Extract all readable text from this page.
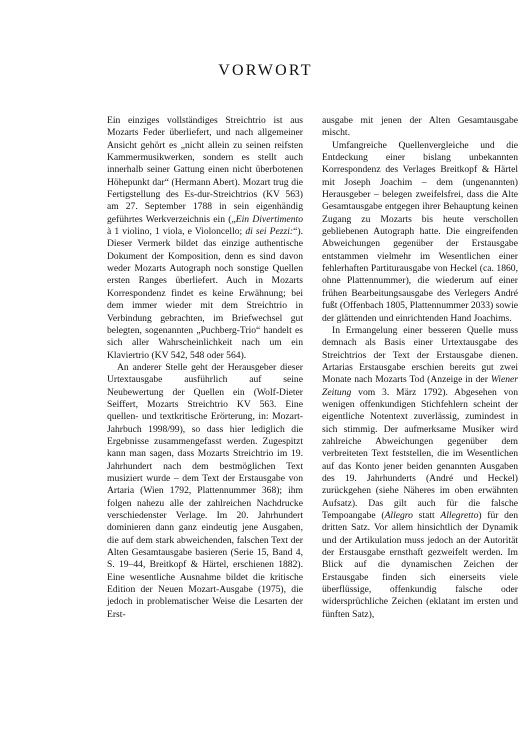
VORWORT

Ein einziges vollständiges Streichtrio ist aus Mozarts Feder überliefert, und nach allgemeiner Ansicht gehört es „nicht allein zu seinen reifsten Kammermusikwerken, sondern es stellt auch innerhalb seiner Gattung einen nicht überbotenen Höhepunkt dar“ (Hermann Abert). Mozart trug die Fertigstellung des Es-dur-Streichtrios (KV 563) am 27. September 1788 in sein eigenhändig geführtes Werkverzeichnis ein („Ein Divertimento à 1 violino, 1 viola, e Violoncello; di sei Pezzi:“). Dieser Vermerk bildet das einzige authentische Dokument der Komposition, denn es sind davon weder Mozarts Autograph noch sonstige Quellen ersten Ranges überliefert. Auch in Mozarts Korrespondenz findet es keine Erwähnung; bei dem immer wieder mit dem Streichtrio in Verbindung gebrachten, im Briefwechsel gut belegten, sogenannten „Puchberg-Trio“ handelt es sich aller Wahrscheinlichkeit nach um ein Klaviertrio (KV 542, 548 oder 564).

An anderer Stelle geht der Herausgeber dieser Urtextausgabe ausführlich auf seine Neubewertung der Quellen ein (Wolf-Dieter Seiffert, Mozarts Streichtrio KV 563. Eine quellen- und textkritische Erörterung, in: Mozart-Jahrbuch 1998/99), so dass hier lediglich die Ergebnisse zusammengefasst werden. Zugespitzt kann man sagen, dass Mozarts Streichtrio im 19. Jahrhundert nach dem bestmöglichen Text musiziert wurde – dem Text der Erstausgabe von Artaria (Wien 1792, Plattennummer 368); ihm folgen nahezu alle der zahlreichen Nachdrucke verschiedenster Verlage. Im 20. Jahrhundert dominieren dann ganz eindeutig jene Ausgaben, die auf dem stark abweichenden, falschen Text der Alten Gesamtausgabe basieren (Serie 15, Band 4, S. 19–44, Breitkopf & Härtel, erschienen 1882). Eine wesentliche Ausnahme bildet die kritische Edition der Neuen Mozart-Ausgabe (1975), die jedoch in problematischer Weise die Lesarten der Erst-

ausgabe mit jenen der Alten Gesamtausgabe mischt.

Umfangreiche Quellenvergleiche und die Entdeckung einer bislang unbekannten Korrespondenz des Verlages Breitkopf & Härtel mit Joseph Joachim – dem (ungenannten) Herausgeber – belegen zweifelsfrei, dass die Alte Gesamtausgabe entgegen ihrer Behauptung keinen Zugang zu Mozarts bis heute verschollen gebliebenen Autograph hatte. Die eingreifenden Abweichungen gegenüber der Erstausgabe entstammen vielmehr im Wesentlichen einer fehlerhaften Partiturausgabe von Heckel (ca. 1860, ohne Plattennummer), die wiederum auf einer frühen Bearbeitungsausgabe des Verlegers André fußt (Offenbach 1805, Plattennummer 2033) sowie der glättenden und einrichtenden Hand Joachims.

In Ermangelung einer besseren Quelle muss demnach als Basis einer Urtextausgabe des Streichtrios der Text der Erstausgabe dienen. Artarias Erstausgabe erschien bereits gut zwei Monate nach Mozarts Tod (Anzeige in der Wiener Zeitung vom 3. März 1792). Abgesehen von wenigen offenkundigen Stichfehlern scheint der eigentliche Notentext zuverlässig, zumindest in sich stimmig. Der aufmerksame Musiker wird zahlreiche Abweichungen gegenüber dem verbreiteten Text feststellen, die im Wesentlichen auf das Konto jener beiden genannten Ausgaben des 19. Jahrhunderts (André und Heckel) zurückgehen (siehe Näheres im oben erwähnten Aufsatz). Das gilt auch für die falsche Tempoangabe (Allegro statt Allegretto) für den dritten Satz. Vor allem hinsichtlich der Dynamik und der Artikulation muss jedoch an der Autorität der Erstausgabe ernsthaft gezweifelt werden. Im Blick auf die dynamischen Zeichen der Erstausgabe finden sich einerseits viele überflüssige, offenkundig falsche oder widersprüchliche Zeichen (eklatant im ersten und fünften Satz),
